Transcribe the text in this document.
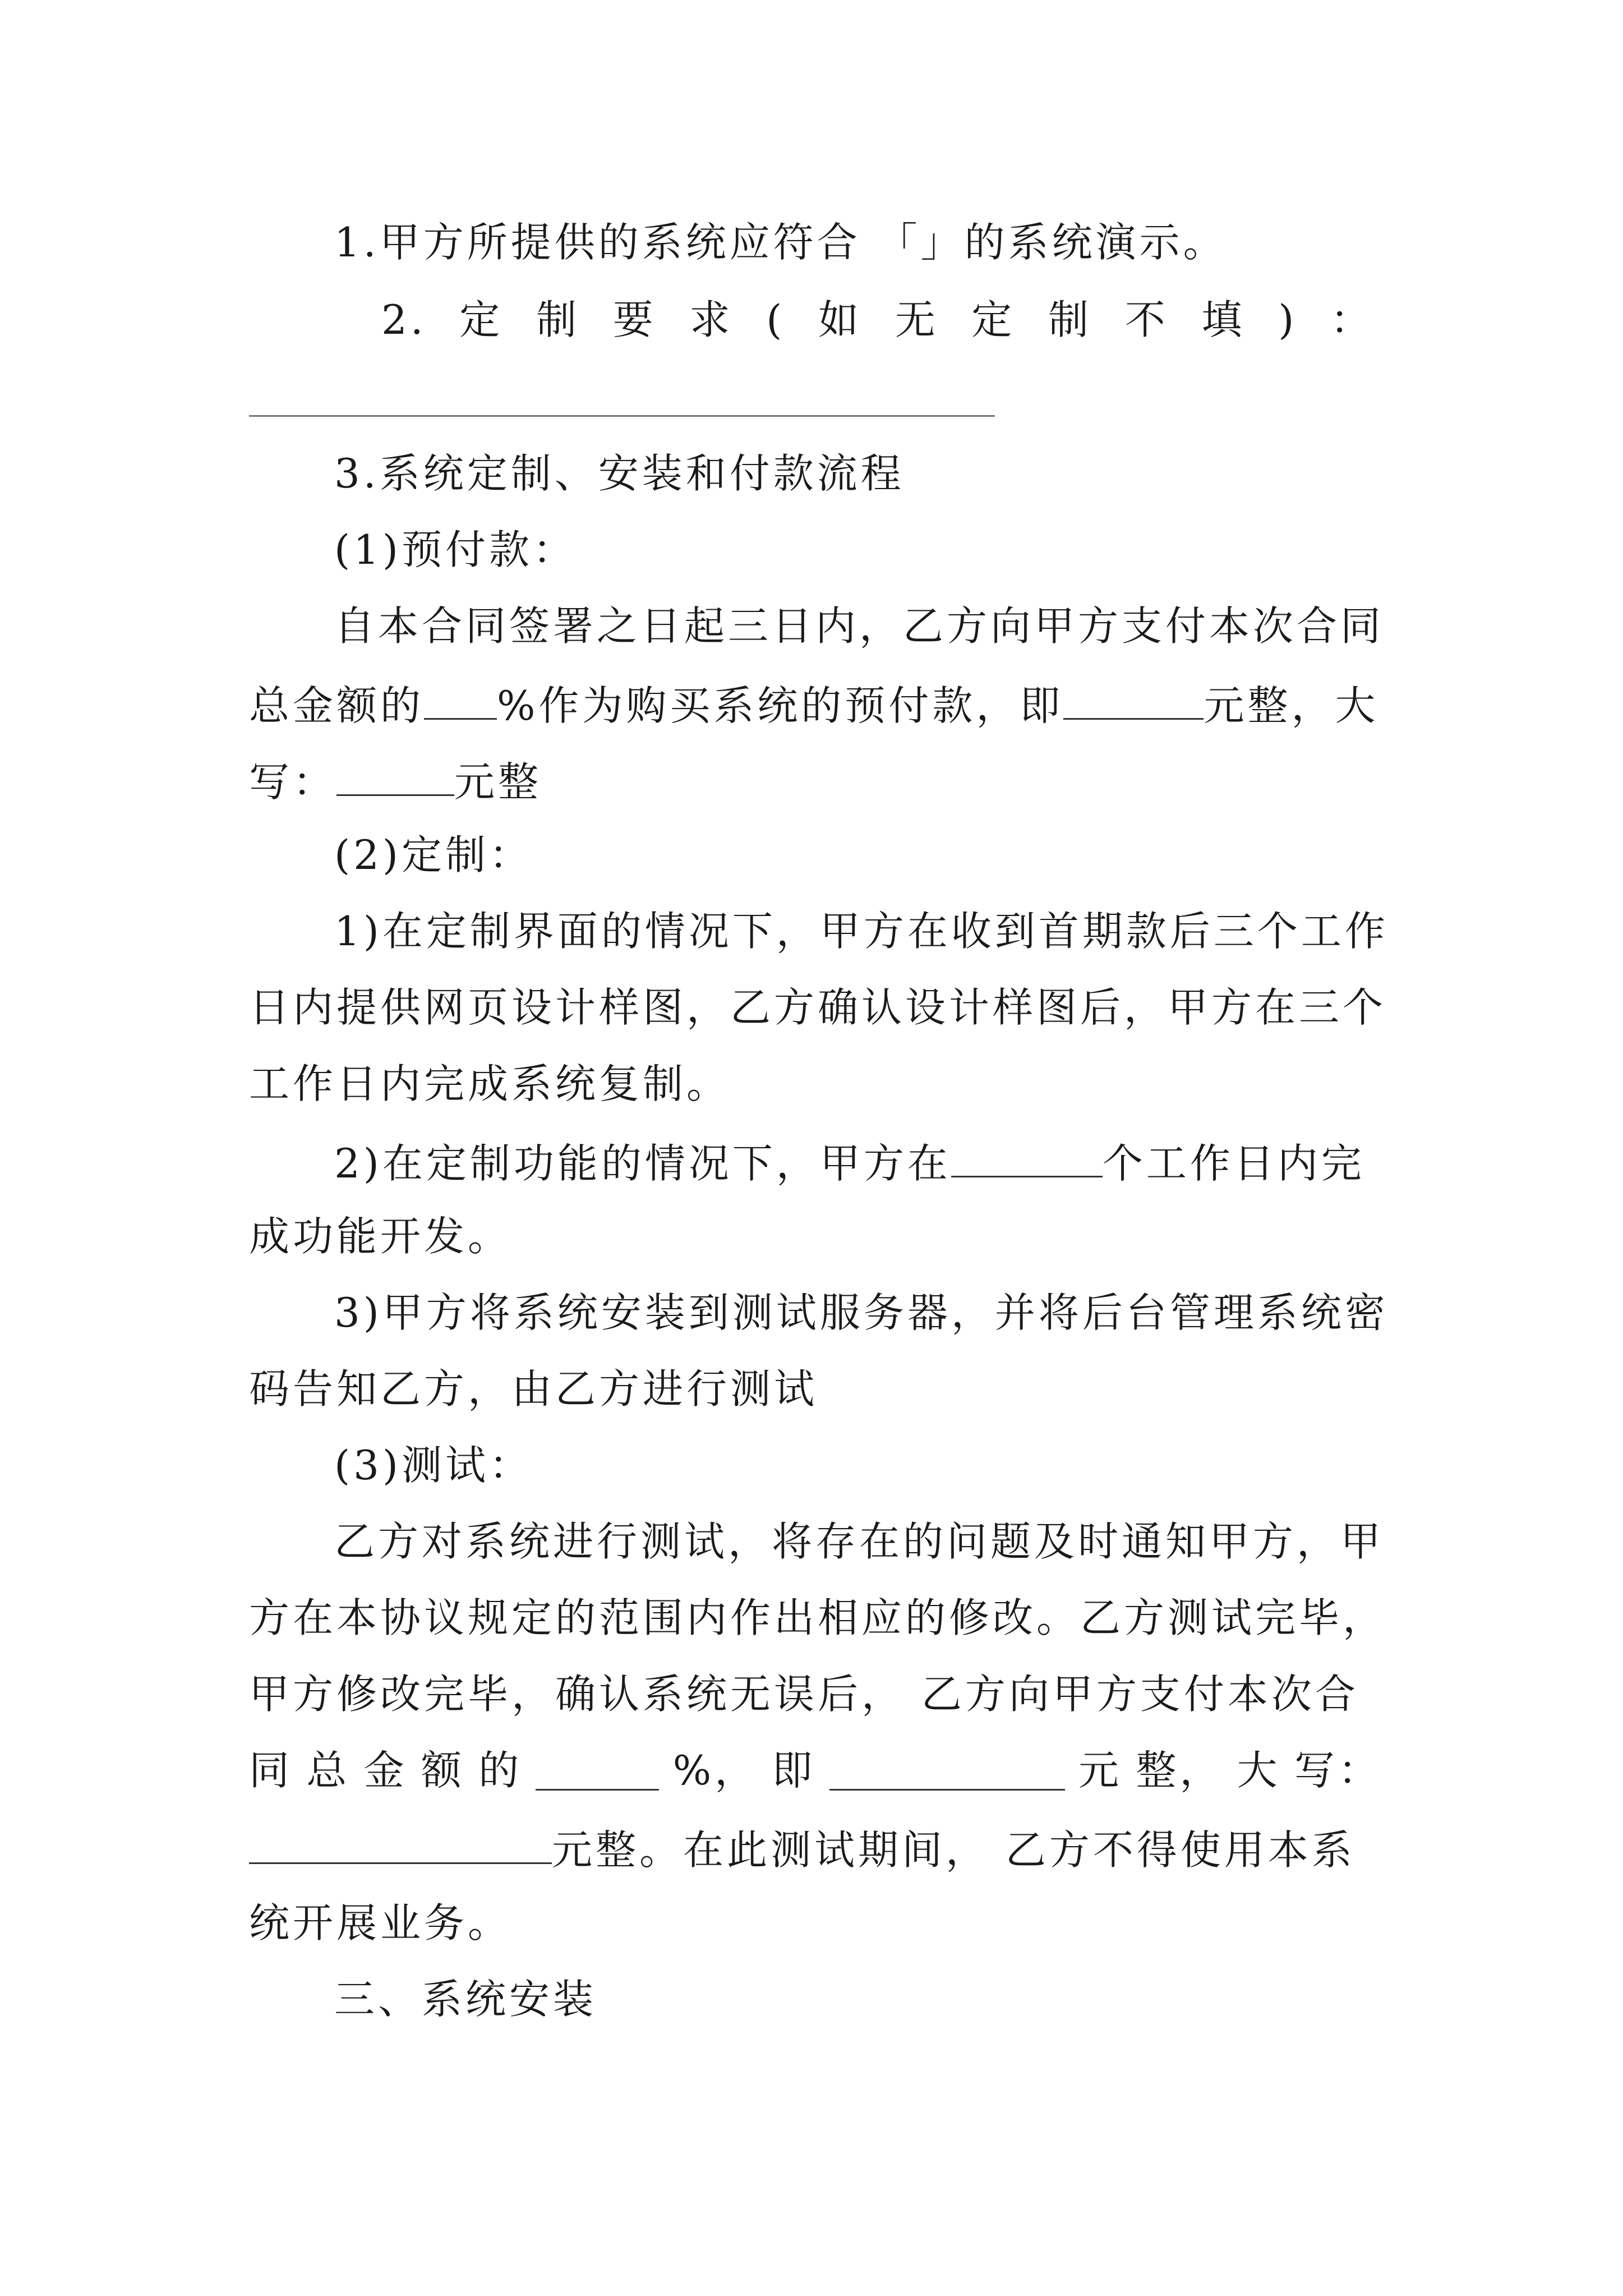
1.甲方所提供的系统应符合 「」的系统演示。
2. 定 制 要 求 ( 如 无 定 制 不 填 ) ：
3.系统定制、安装和付款流程
(1)预付款：
自本合同签署之日起三日内，乙方向甲方支付本次合同
总金额的 %作为购买系统的预付款，即	元整，大
写：	元整
(2)定制：
1)在定制界面的情况下，甲方在收到首期款后三个工作
日内提供网页设计样图，乙方确认设计样图后，甲方在三个
工作日内完成系统复制。
2)在定制功能的情况下，甲方在	个工作日内完
成功能开发。
3)甲方将系统安装到测试服务器，并将后台管理系统密
码告知乙方，由乙方进行测试
(3)测试：
乙方对系统进行测试，将存在的问题及时通知甲方，甲
方在本协议规定的范围内作出相应的修改。乙方测试完毕，
甲方修改完毕，确认系统无误后， 乙方向甲方支付本次合
同 总 金 额 的	%， 即	元 整， 大 写：
元整。在此测试期间， 乙方不得使用本系
统开展业务。
三、系统安装
